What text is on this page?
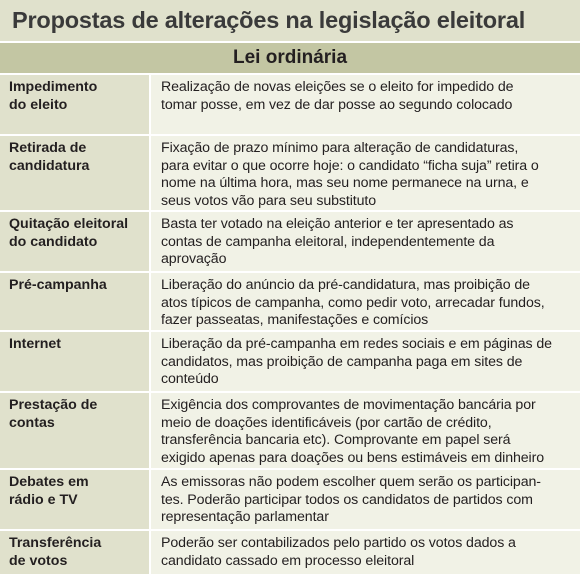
Propostas de alterações na legislação eleitoral
Lei ordinária
Impedimento
do eleito
Realização de novas eleições se o eleito for impedido de
tomar posse, em vez de dar posse ao segundo colocado
Retirada de
candidatura
Fixação de prazo mínimo para alteração de candidaturas,
para evitar o que ocorre hoje: o candidato “ficha suja” retira o
nome na última hora, mas seu nome permanece na urna, e
seus votos vão para seu substituto
Quitação eleitoral
do candidato
Basta ter votado na eleição anterior e ter apresentado as
contas de campanha eleitoral, independentemente da
aprovação
Pré-campanha	Liberação do anúncio da pré-candidatura, mas proibição de
atos típicos de campanha, como pedir voto, arrecadar fundos,
fazer passeatas, manifestações e comícios
Internet	Liberação da pré-campanha em redes sociais e em páginas de
candidatos, mas proibição de campanha paga em sites de
conteúdo
Prestação de contas
Exigência dos comprovantes de movimentação bancária por
meio de doações identificáveis (por cartão de crédito,
transferência bancaria etc). Comprovante em papel será
exigido apenas para doações ou bens estimáveis em dinheiro
Debates em
rádio e TV
As emissoras não podem escolher quem serão os participan-
tes. Poderão participar todos os candidatos de partidos com
representação parlamentar
Transferência
de votos
Poderão ser contabilizados pelo partido os votos dados a
candidato cassado em processo eleitoral
